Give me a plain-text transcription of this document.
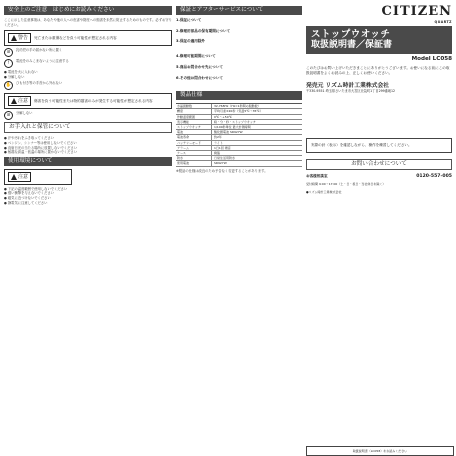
安全上のご注意　はじめにお読みください

ここに示した注意事項は、あなたや他の人への危害や財産への損害を未然に防止するためのものです。必ずお守りください。

警告 死亡または重傷などを負う可能性が想定される内容
⊘	乳幼児の手の届かない所に置く

!	電池をのみこまないように注意する

● 電池を火に入れない

● 分解しない

✋	ひも付き等の手首から外れない

注意 傷害を負う可能性または物的損害のみが発生する可能性が想定される内容
⊘	分解しない

お手入れと保管について

● 汗や汚れをふき取ってください

● ベンジン、シンナー等は使用しないでください

● 直射日光の当たる場所に放置しないでください

● 極端な高温・低温の場所に置かないでください

使用環境について
注意

● 下記の温度範囲で使用しないでください

● 強い衝撃を与えないでください

● 磁気に近づけないでください

● 静電気に注意してください

保証とアフターサービスについて
1.保証について

2.修理用部品の保有期間について

3.保証の適用除外

4.修理可能期間について

5.商品お問合わせ先について

6.その他お問合わせについて

製品仕様
水晶振動数	32,768Hz（Hz=1秒間の振動数）
精度	平均月差±20秒（気温5℃〜35℃）
作動温度範囲	0℃〜+50℃
表示機能	時・分・秒・ストップウオッチ
ストップウオッチ	1/100秒単位 最大計測時間
電池	酸化銀電池 SR927W
電池寿命	約2年
バッテリーモード	ライト
アラーム	1日1回 鳴音
ケース	樹脂
防水	日常生活用防水
使用電池	SR927W

※製品の仕様は改良のため予告なく変更することがあります。

CITIZEN
QUARTZ
ストップウオッチ
取扱説明書／保証書
Model LC058

このたびはお買い上げいただきまことにありがとうございます。お使いになる前にこの取扱説明書をよくお読みの上、正しくお使いください。

発売元 リズム時計工業株式会社
〒330-9551 埼玉県さいたま市大宮区北袋町1丁目299番地12
実際の針（表示）を確認しながら、操作を練習してください。
お問い合わせについて
お客様相談室	0120-557-005

受付時間 9:00〜17:00（土・日・祝日・当社休日を除く）

●リズム時計工業株式会社

取扱説明書（LC058）をお読みください
